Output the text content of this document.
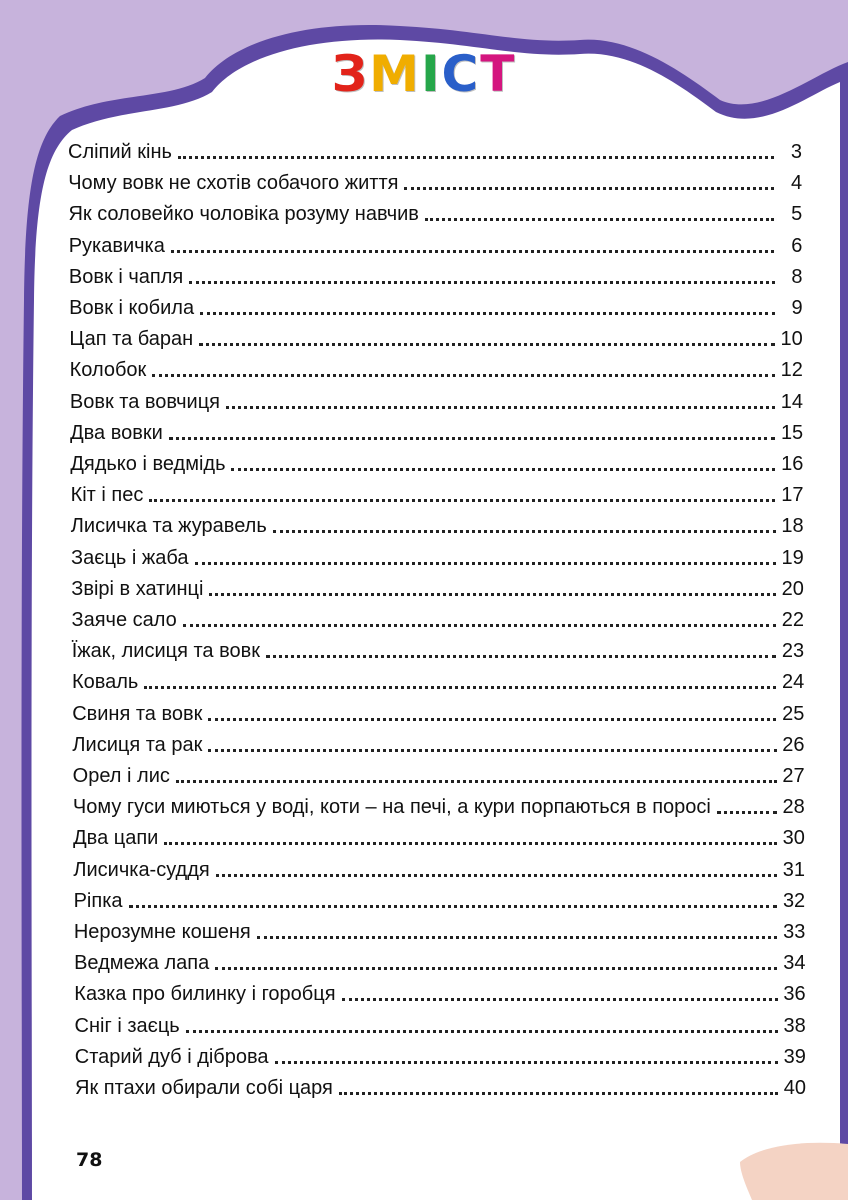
ЗМІСТ
Сліпий кінь	3
Чому вовк не схотів собачого життя	4
Як соловейко чоловіка розуму навчив	5
Рукавичка	6
Вовк і чапля	8
Вовк і кобила	9
Цап та баран	10
Колобок	12
Вовк та вовчиця	14
Два вовки	15
Дядько і ведмідь	16
Кіт і пес	17
Лисичка та журавель	18
Заєць і жаба	19
Звірі в хатинці	20
Заяче сало	22
Їжак, лисиця та вовк	23
Коваль	24
Свиня та вовк	25
Лисиця та рак	26
Орел і лис	27
Чому гуси миються у воді, коти – на печі, а кури порпаються в поросі	28
Два цапи	30
Лисичка-суддя	31
Ріпка	32
Нерозумне кошеня	33
Ведмежа лапа	34
Казка про билинку і горобця	36
Сніг і заєць	38
Старий дуб і діброва	39
Як птахи обирали собі царя	40
78
